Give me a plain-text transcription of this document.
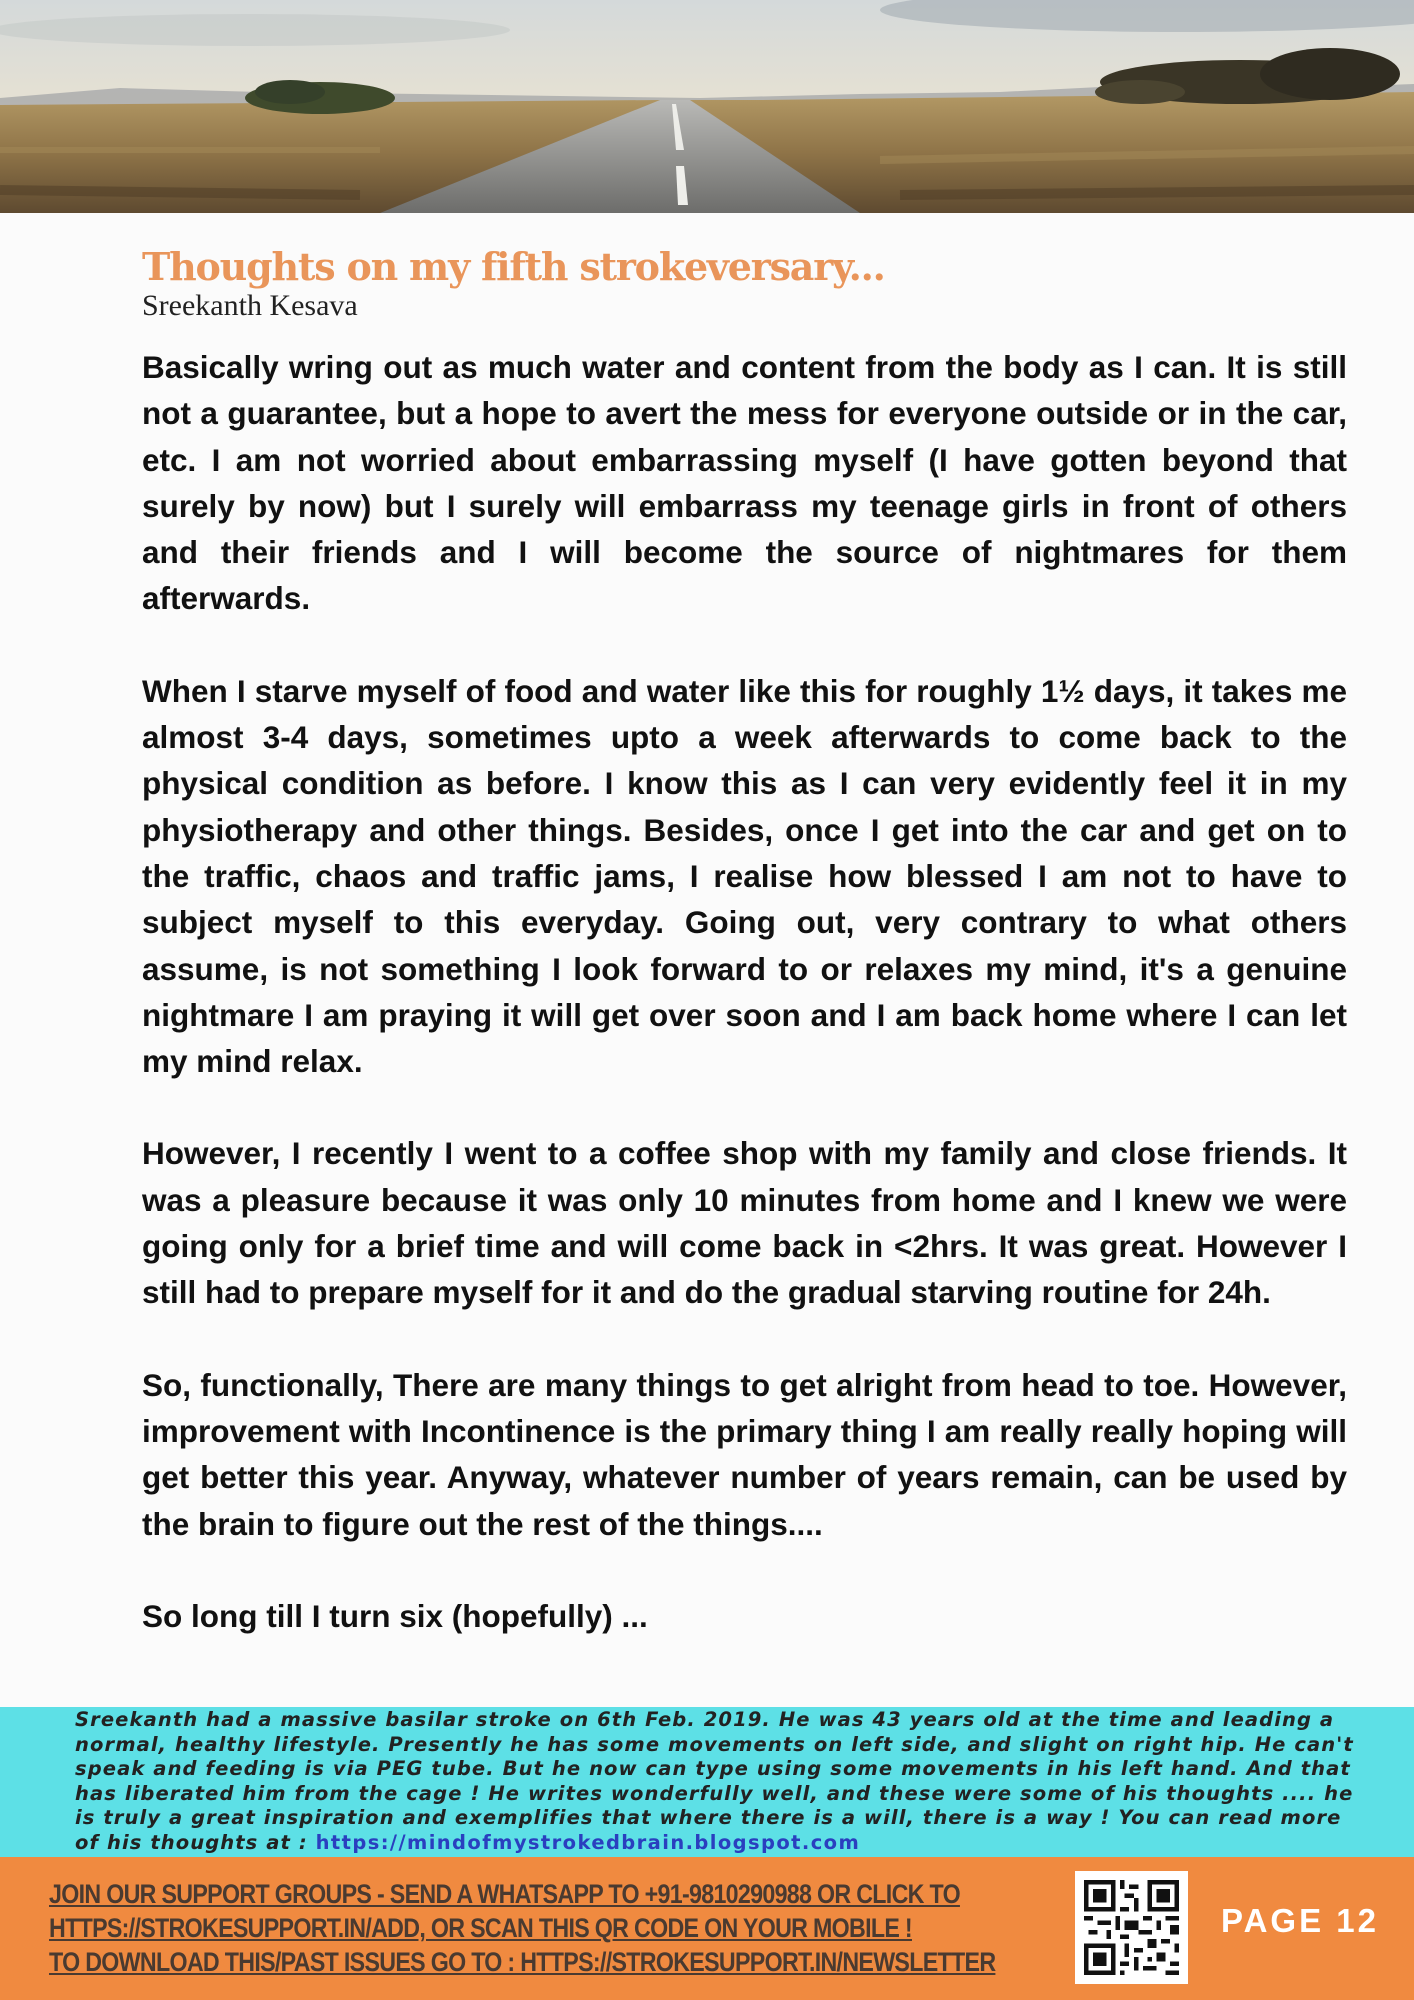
Thoughts on my fifth strokeversary...

Sreekanth Kesava

Basically wring out as much water and content from the body as I can. It is still not a guarantee, but a hope to avert the mess for everyone outside or in the car, etc. I am not worried about embarrassing myself (I have gotten beyond that surely by now) but I surely will embarrass my teenage girls in front of others and their friends and I will become the source of nightmares for them afterwards.

When I starve myself of food and water like this for roughly 1½ days, it takes me almost 3-4 days, sometimes upto a week afterwards to come back to the physical condition as before. I know this as I can very evidently feel it in my physiotherapy and other things. Besides, once I get into the car and get on to the traffic, chaos and traffic jams, I realise how blessed I am not to have to subject myself to this everyday. Going out, very contrary to what others assume, is not something I look forward to or relaxes my mind, it's a genuine nightmare I am praying it will get over soon and I am back home where I can let my mind relax.

However, I recently I went to a coffee shop with my family and close friends. It was a pleasure because it was only 10 minutes from home and I knew we were going only for a brief time and will come back in <2hrs. It was great. However I still had to prepare myself for it and do the gradual starving routine for 24h.

So, functionally, There are many things to get alright from head to toe. However, improvement with Incontinence is the primary thing I am really really hoping will get better this year. Anyway, whatever number of years remain, can be used by the brain to figure out the rest of the things....

So long till I turn six (hopefully) ...

Sreekanth had a massive basilar stroke on 6th Feb. 2019. He was 43 years old at the time and leading a normal, healthy lifestyle. Presently he has some movements on left side, and slight on right hip. He can't speak and feeding is via PEG tube. But he now can type using some movements in his left hand. And that has liberated him from the cage ! He writes wonderfully well, and these were some of his thoughts .... he is truly a great inspiration and exemplifies that where there is a will, there is a way ! You can read more of his thoughts at : https://mindofmystrokedbrain.blogspot.com

JOIN OUR SUPPORT GROUPS - SEND A WHATSAPP TO +91-9810290988 OR CLICK TO
HTTPS://STROKESUPPORT.IN/ADD, OR SCAN THIS QR CODE ON YOUR MOBILE !
TO DOWNLOAD THIS/PAST ISSUES GO TO : HTTPS://STROKESUPPORT.IN/NEWSLETTER
PAGE 12
